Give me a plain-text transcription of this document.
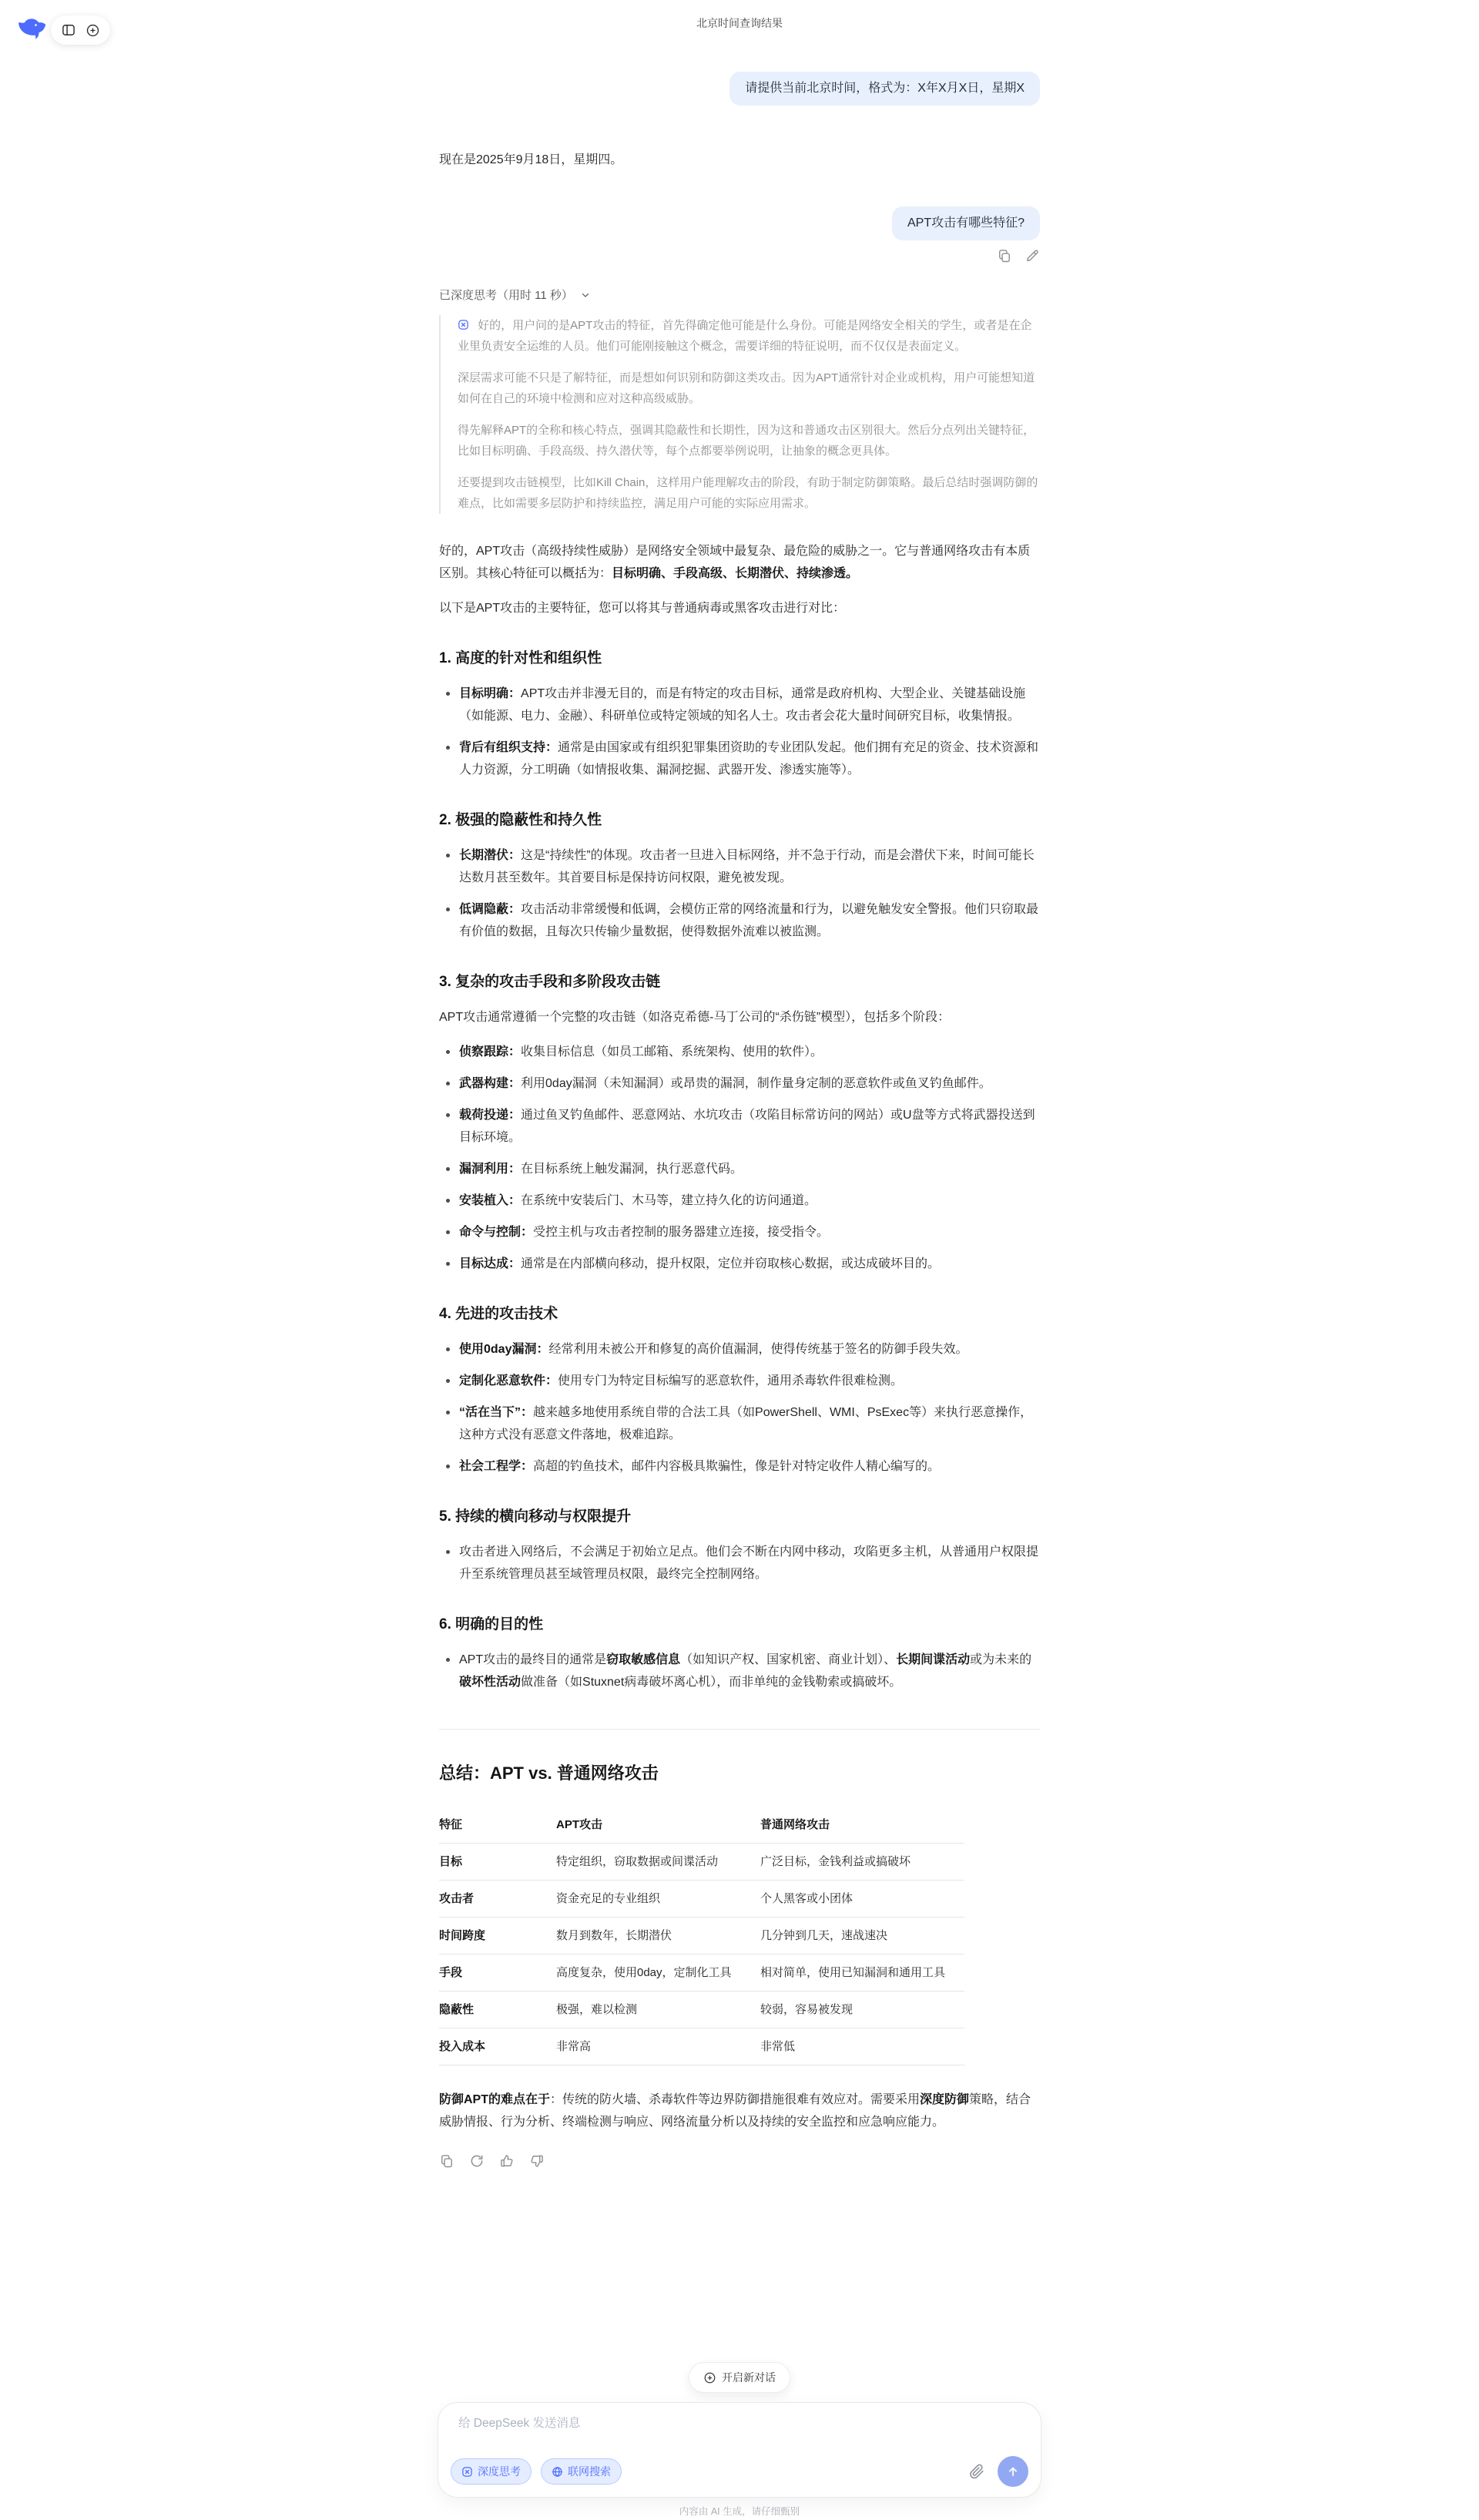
北京时间查询结果
请提供当前北京时间，格式为：X年X月X日，星期X

现在是2025年9月18日，星期四。

APT攻击有哪些特征?
已深度思考（用时 11 秒）

好的，用户问的是APT攻击的特征，首先得确定他可能是什么身份。可能是网络安全相关的学生，或者是在企业里负责安全运维的人员。他们可能刚接触这个概念，需要详细的特征说明，而不仅仅是表面定义。

深层需求可能不只是了解特征，而是想如何识别和防御这类攻击。因为APT通常针对企业或机构，用户可能想知道如何在自己的环境中检测和应对这种高级威胁。

得先解释APT的全称和核心特点，强调其隐蔽性和长期性，因为这和普通攻击区别很大。然后分点列出关键特征，比如目标明确、手段高级、持久潜伏等，每个点都要举例说明，让抽象的概念更具体。

还要提到攻击链模型，比如Kill Chain，这样用户能理解攻击的阶段，有助于制定防御策略。最后总结时强调防御的难点，比如需要多层防护和持续监控，满足用户可能的实际应用需求。

好的，APT攻击（高级持续性威胁）是网络安全领域中最复杂、最危险的威胁之一。它与普通网络攻击有本质区别。其核心特征可以概括为：目标明确、手段高级、长期潜伏、持续渗透。

以下是APT攻击的主要特征，您可以将其与普通病毒或黑客攻击进行对比：

1. 高度的针对性和组织性
目标明确：APT攻击并非漫无目的，而是有特定的攻击目标，通常是政府机构、大型企业、关键基础设施（如能源、电力、金融）、科研单位或特定领域的知名人士。攻击者会花大量时间研究目标，收集情报。
背后有组织支持：通常是由国家或有组织犯罪集团资助的专业团队发起。他们拥有充足的资金、技术资源和人力资源，分工明确（如情报收集、漏洞挖掘、武器开发、渗透实施等）。
2. 极强的隐蔽性和持久性
长期潜伏：这是“持续性”的体现。攻击者一旦进入目标网络，并不急于行动，而是会潜伏下来，时间可能长达数月甚至数年。其首要目标是保持访问权限，避免被发现。
低调隐蔽：攻击活动非常缓慢和低调，会模仿正常的网络流量和行为，以避免触发安全警报。他们只窃取最有价值的数据，且每次只传输少量数据，使得数据外流难以被监测。
3. 复杂的攻击手段和多阶段攻击链

APT攻击通常遵循一个完整的攻击链（如洛克希德-马丁公司的“杀伤链”模型），包括多个阶段：

侦察跟踪：收集目标信息（如员工邮箱、系统架构、使用的软件）。
武器构建：利用0day漏洞（未知漏洞）或昂贵的漏洞，制作量身定制的恶意软件或鱼叉钓鱼邮件。
载荷投递：通过鱼叉钓鱼邮件、恶意网站、水坑攻击（攻陷目标常访问的网站）或U盘等方式将武器投送到目标环境。
漏洞利用：在目标系统上触发漏洞，执行恶意代码。
安装植入：在系统中安装后门、木马等，建立持久化的访问通道。
命令与控制：受控主机与攻击者控制的服务器建立连接，接受指令。
目标达成：通常是在内部横向移动，提升权限，定位并窃取核心数据，或达成破坏目的。
4. 先进的攻击技术
使用0day漏洞：经常利用未被公开和修复的高价值漏洞，使得传统基于签名的防御手段失效。
定制化恶意软件：使用专门为特定目标编写的恶意软件，通用杀毒软件很难检测。
“活在当下”：越来越多地使用系统自带的合法工具（如PowerShell、WMI、PsExec等）来执行恶意操作，这种方式没有恶意文件落地，极难追踪。
社会工程学：高超的钓鱼技术，邮件内容极具欺骗性，像是针对特定收件人精心编写的。
5. 持续的横向移动与权限提升
攻击者进入网络后，不会满足于初始立足点。他们会不断在内网中移动，攻陷更多主机，从普通用户权限提升至系统管理员甚至域管理员权限，最终完全控制网络。
6. 明确的目的性
APT攻击的最终目的通常是窃取敏感信息（如知识产权、国家机密、商业计划）、长期间谍活动或为未来的破坏性活动做准备（如Stuxnet病毒破坏离心机），而非单纯的金钱勒索或搞破坏。
总结：APT vs. 普通网络攻击
特征	APT攻击	普通网络攻击
目标	特定组织，窃取数据或间谍活动	广泛目标，金钱利益或搞破坏
攻击者	资金充足的专业组织	个人黑客或小团体
时间跨度	数月到数年，长期潜伏	几分钟到几天，速战速决
手段	高度复杂，使用0day，定制化工具	相对简单，使用已知漏洞和通用工具
隐蔽性	极强，难以检测	较弱，容易被发现
投入成本	非常高	非常低

防御APT的难点在于：传统的防火墙、杀毒软件等边界防御措施很难有效应对。需要采用深度防御策略，结合威胁情报、行为分析、终端检测与响应、网络流量分析以及持续的安全监控和应急响应能力。

开启新对话
给 DeepSeek 发送消息
深度思考	联网搜索
内容由 AI 生成，请仔细甄别
